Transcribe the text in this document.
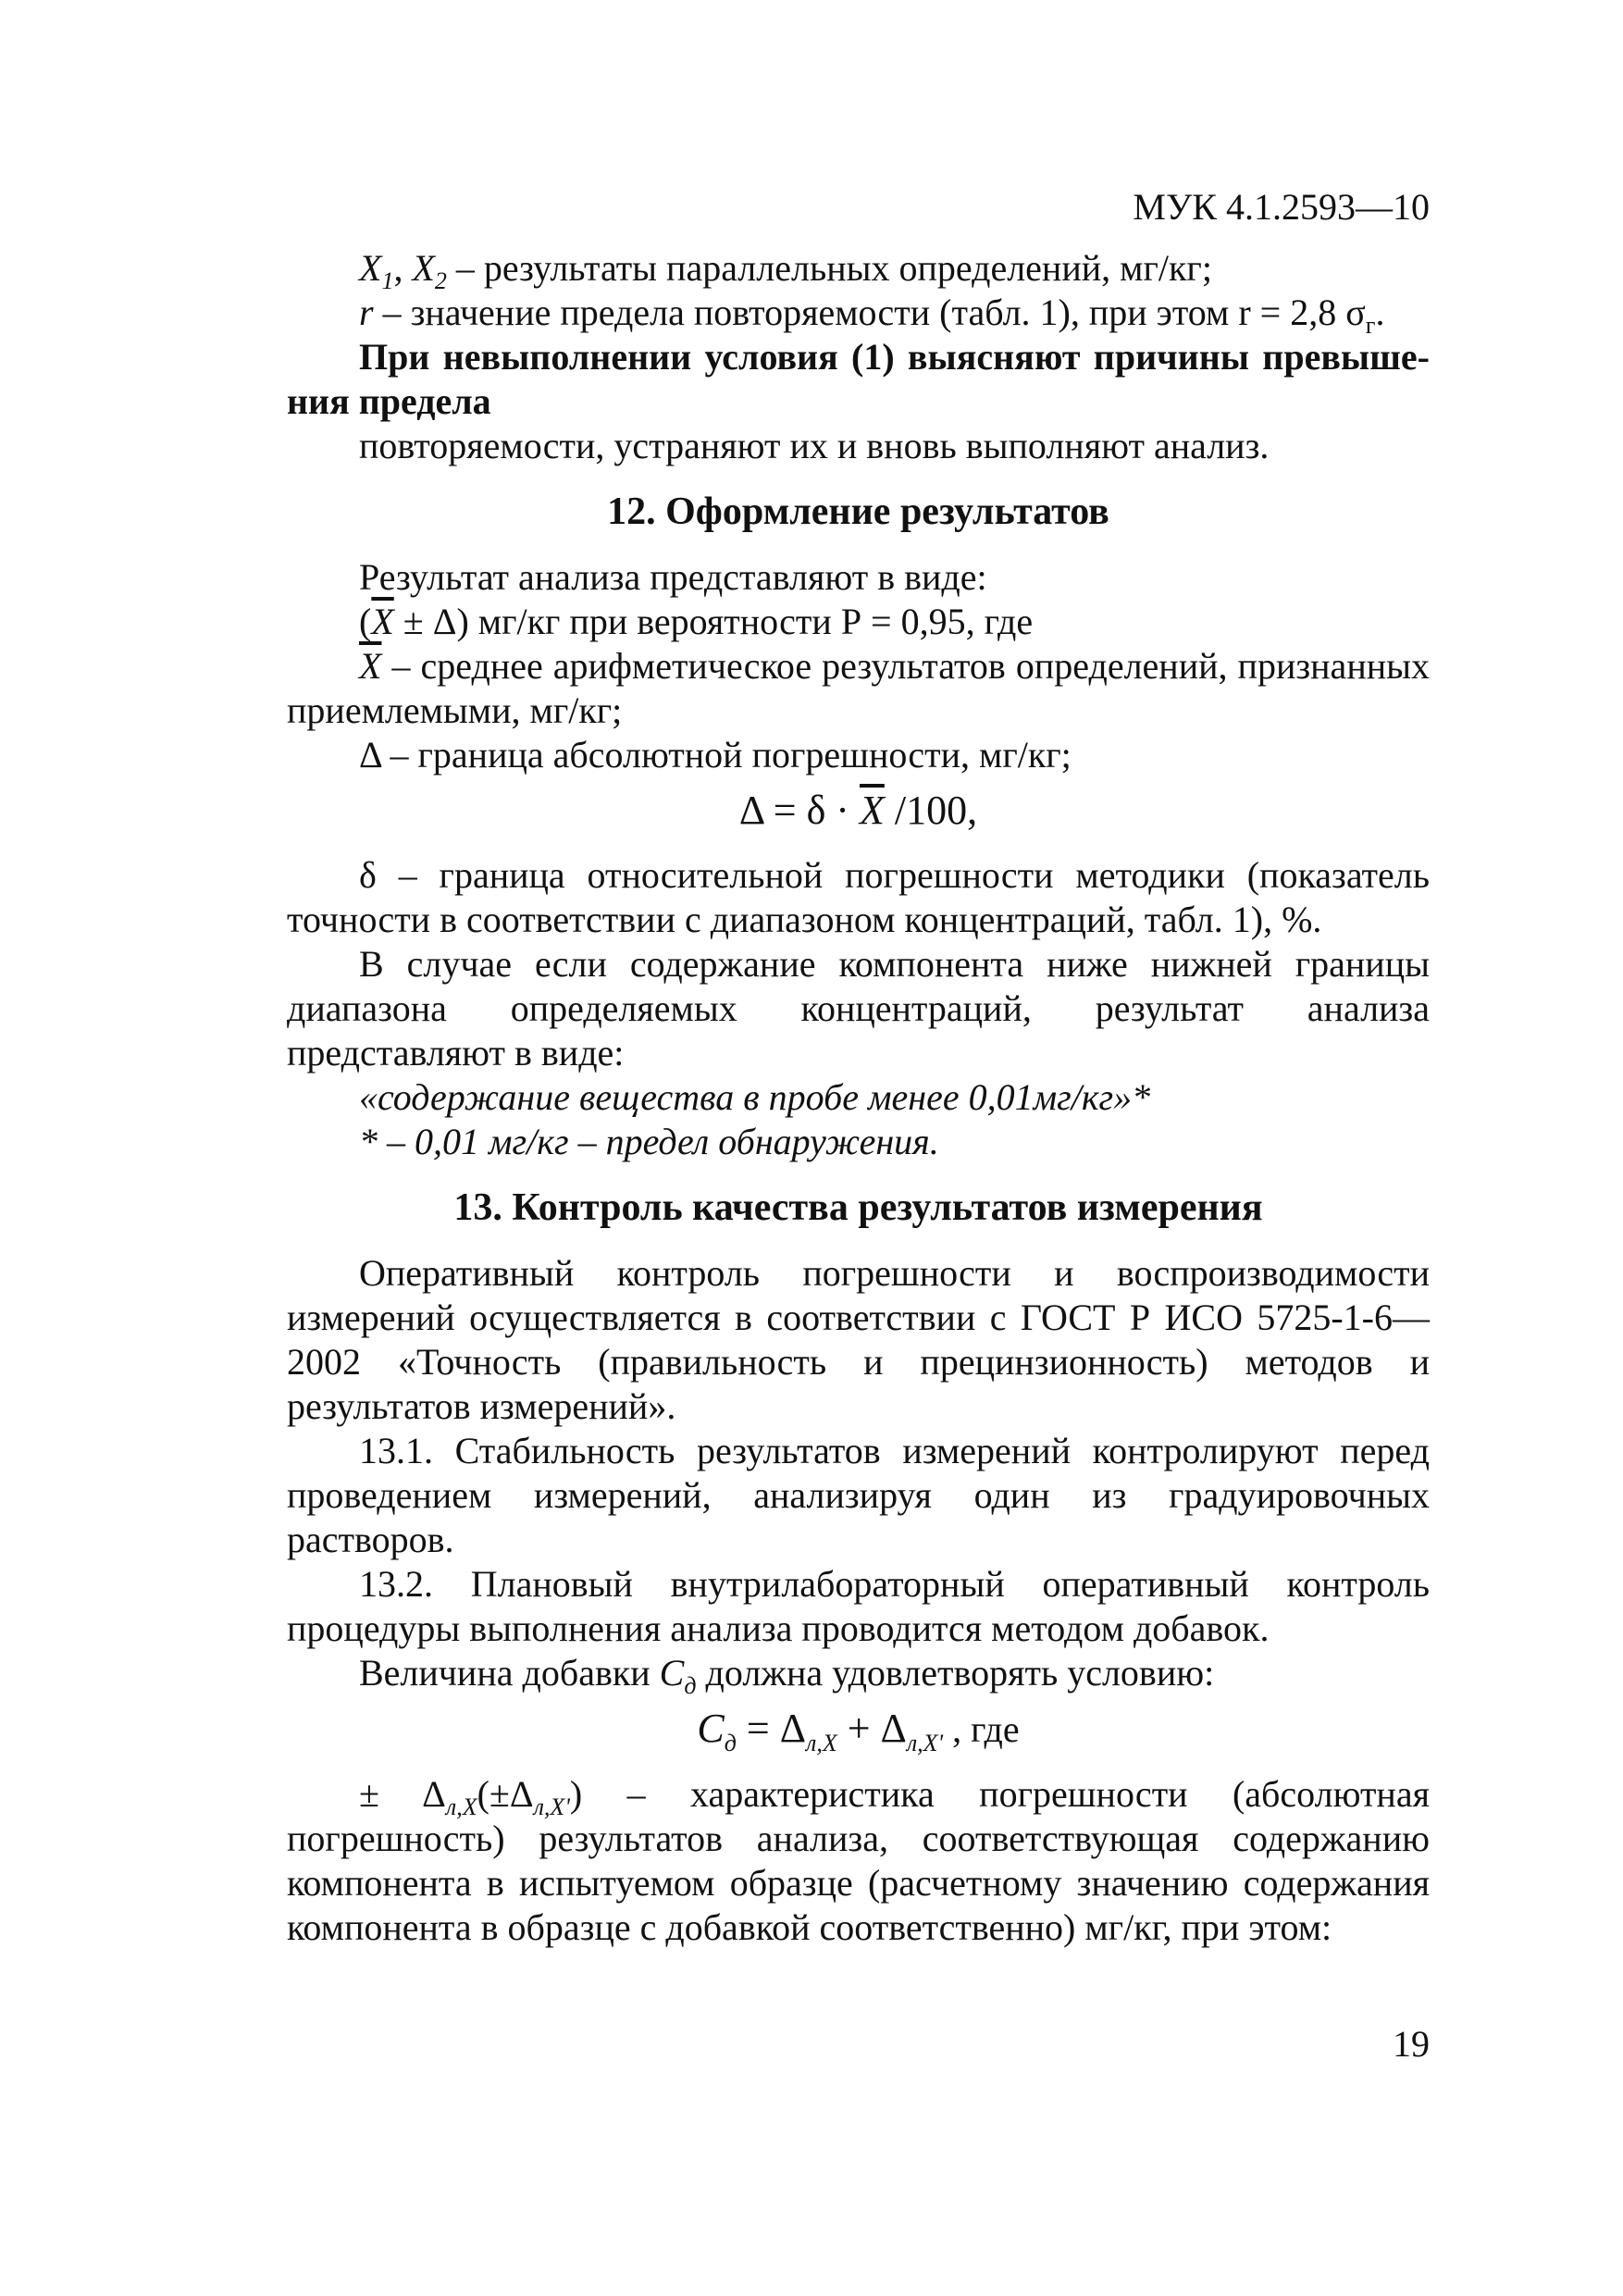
МУК 4.1.2593—10

$X_1$, $X_2$ – результаты параллельных определений, мг/кг;

r – значение предела повторяемости (табл. 1), при этом r = 2,8 $\sigma_г$.

При невыполнении условия (1) выясняют причины превыше-ния предела

повторяемости, устраняют их и вновь выполняют анализ.

12. Оформление результатов

Результат анализа представляют в виде:

$(\overline{X} \pm \Delta)$ мг/кг при вероятности Р = 0,95, где

$\overline{X}$ – среднее арифметическое результатов определений, признанных приемлемыми, мг/кг;

Δ – граница абсолютной погрешности, мг/кг;

$\Delta = \delta \cdot \overline{X}$ /100,

δ – граница относительной погрешности методики (показатель точности в соответствии с диапазоном концентраций, табл. 1), %.

В случае если содержание компонента ниже нижней границы диапазона определяемых концентраций, результат анализа представляют в виде:

«содержание вещества в пробе менее 0,01мг/кг»*

* – 0,01 мг/кг – предел обнаружения.

13. Контроль качества результатов измерения

Оперативный контроль погрешности и воспроизводимости измерений осуществляется в соответствии с ГОСТ Р ИСО 5725-1-6—2002 «Точность (правильность и прецинзионность) методов и результатов измерений».

13.1. Стабильность результатов измерений контролируют перед проведением измерений, анализируя один из градуировочных растворов.

13.2. Плановый внутрилабораторный оперативный контроль процедуры выполнения анализа проводится методом добавок.

Величина добавки $C_д$ должна удовлетворять условию:

$C_д = \Delta_{л,X} + \Delta_{л,X'}$ , где

± $\Delta_{л,X}(\pm\Delta_{л,X'})$ – характеристика погрешности (абсолютная погрешность) результатов анализа, соответствующая содержанию компонента в испытуемом образце (расчетному значению содержания компонента в образце с добавкой соответственно) мг/кг, при этом:

19
